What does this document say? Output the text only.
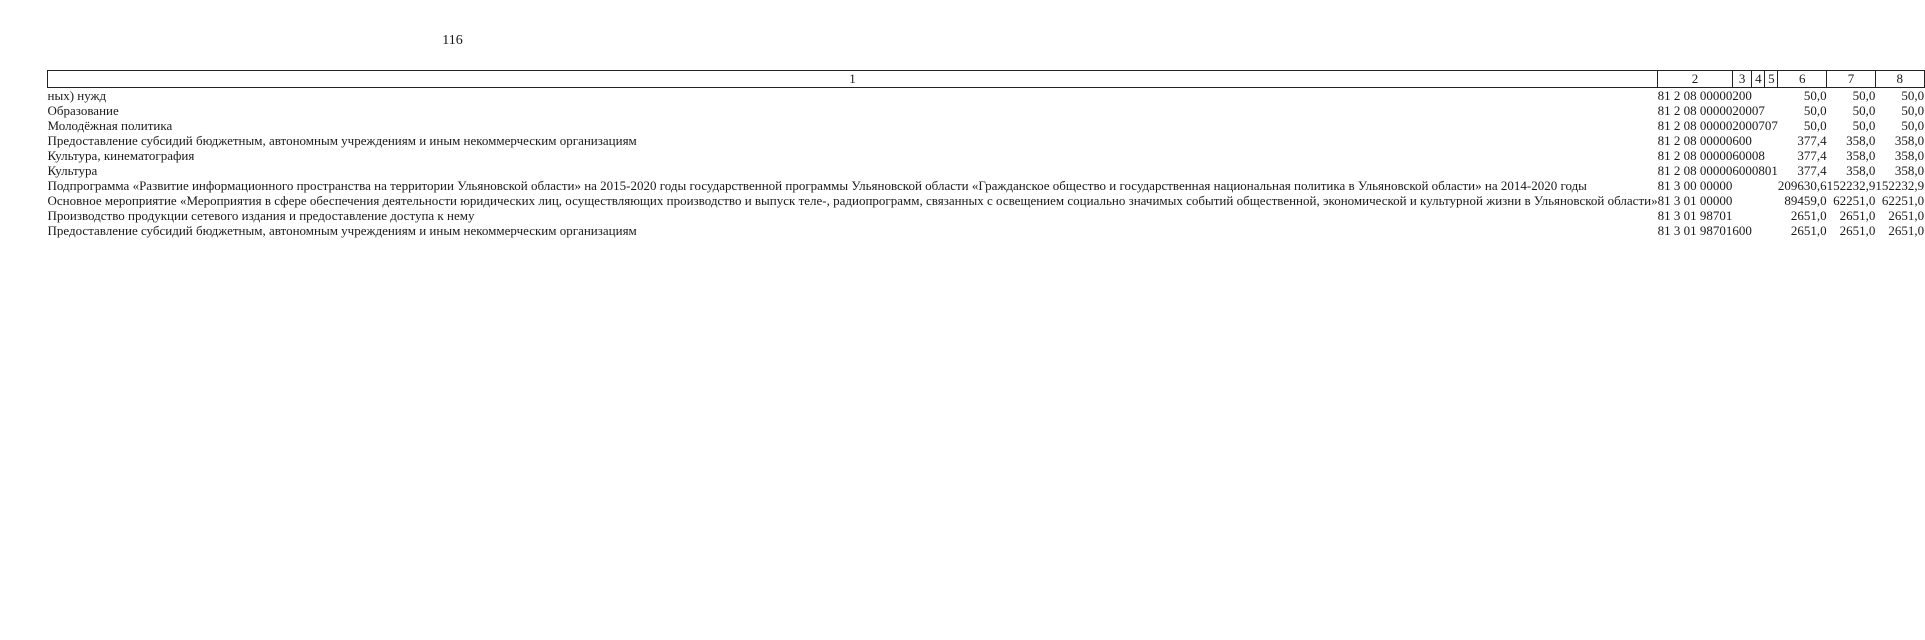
116
1	2	3	4	5	6	7	8
ных) нужд	81 2 08 00000	200			50,0	50,0	50,0
Образование	81 2 08 00000	200	07		50,0	50,0	50,0
Молодёжная политика	81 2 08 00000	200	07	07	50,0	50,0	50,0
Предоставление субсидий бюджетным, автономным учреждениям и иным некоммерческим организациям	81 2 08 00000	600			377,4	358,0	358,0
Культура, кинематография	81 2 08 00000	600	08		377,4	358,0	358,0
Культура	81 2 08 00000	600	08	01	377,4	358,0	358,0
Подпрограмма «Развитие информационного пространства на территории Ульяновской области» на 2015-2020 годы государственной программы Ульяновской области «Гражданское общество и государственная национальная политика в Ульяновской области» на 2014-2020 годы	81 3 00 00000				209630,6	152232,9	152232,9
Основное мероприятие «Мероприятия в сфере обеспечения деятельности юридических лиц, осуществляющих производство и выпуск теле-, радиопрограмм, связанных с освещением социально значимых событий общественной, экономической и культурной жизни в Ульяновской области»	81 3 01 00000				89459,0	62251,0	62251,0
Производство продукции сетевого издания и предоставление доступа к нему	81 3 01 98701				2651,0	2651,0	2651,0
Предоставление субсидий бюджетным, автономным учреждениям и иным некоммерческим организациям	81 3 01 98701	600			2651,0	2651,0	2651,0
